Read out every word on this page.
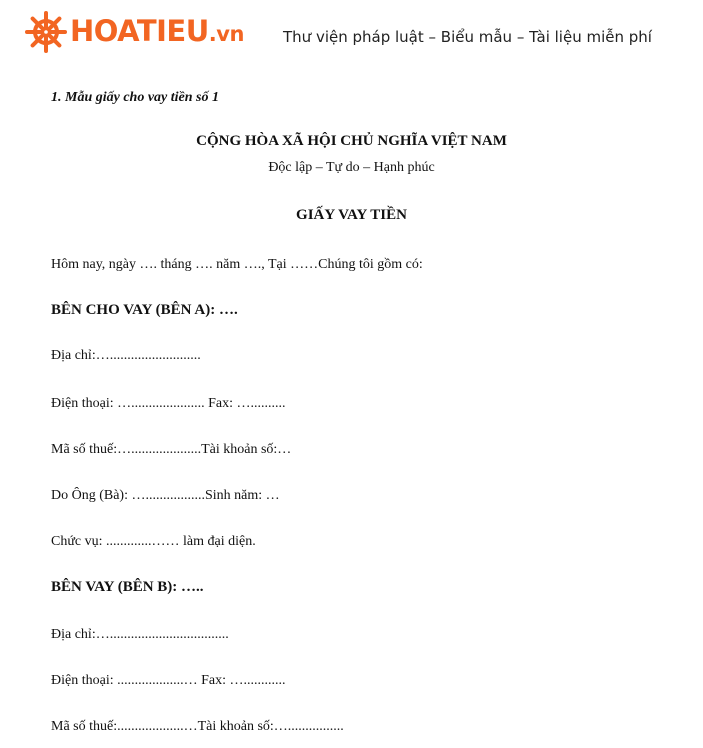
HOATIEU.vn	Thư viện pháp luật – Biểu mẫu – Tài liệu miễn phí
1. Mẫu giấy cho vay tiền số 1
CỘNG HÒA XÃ HỘI CHỦ NGHĨA VIỆT NAM
Độc lập – Tự do – Hạnh phúc
GIẤY VAY TIỀN
Hôm nay, ngày …. tháng …. năm …., Tại ……Chúng tôi gồm có:
BÊN CHO VAY (BÊN A): ….
Địa chỉ:…..........................
Điện thoại: …..................... Fax: …..........
Mã số thuế:…....................Tài khoản số:…
Do Ông (Bà): ….................Sinh năm: …
Chức vụ: .............…… làm đại diện.
BÊN VAY (BÊN B): …..
Địa chỉ:…..................................
Điện thoại: ...................… Fax: …............
Mã số thuế:...................…Tài khoản số:…................
